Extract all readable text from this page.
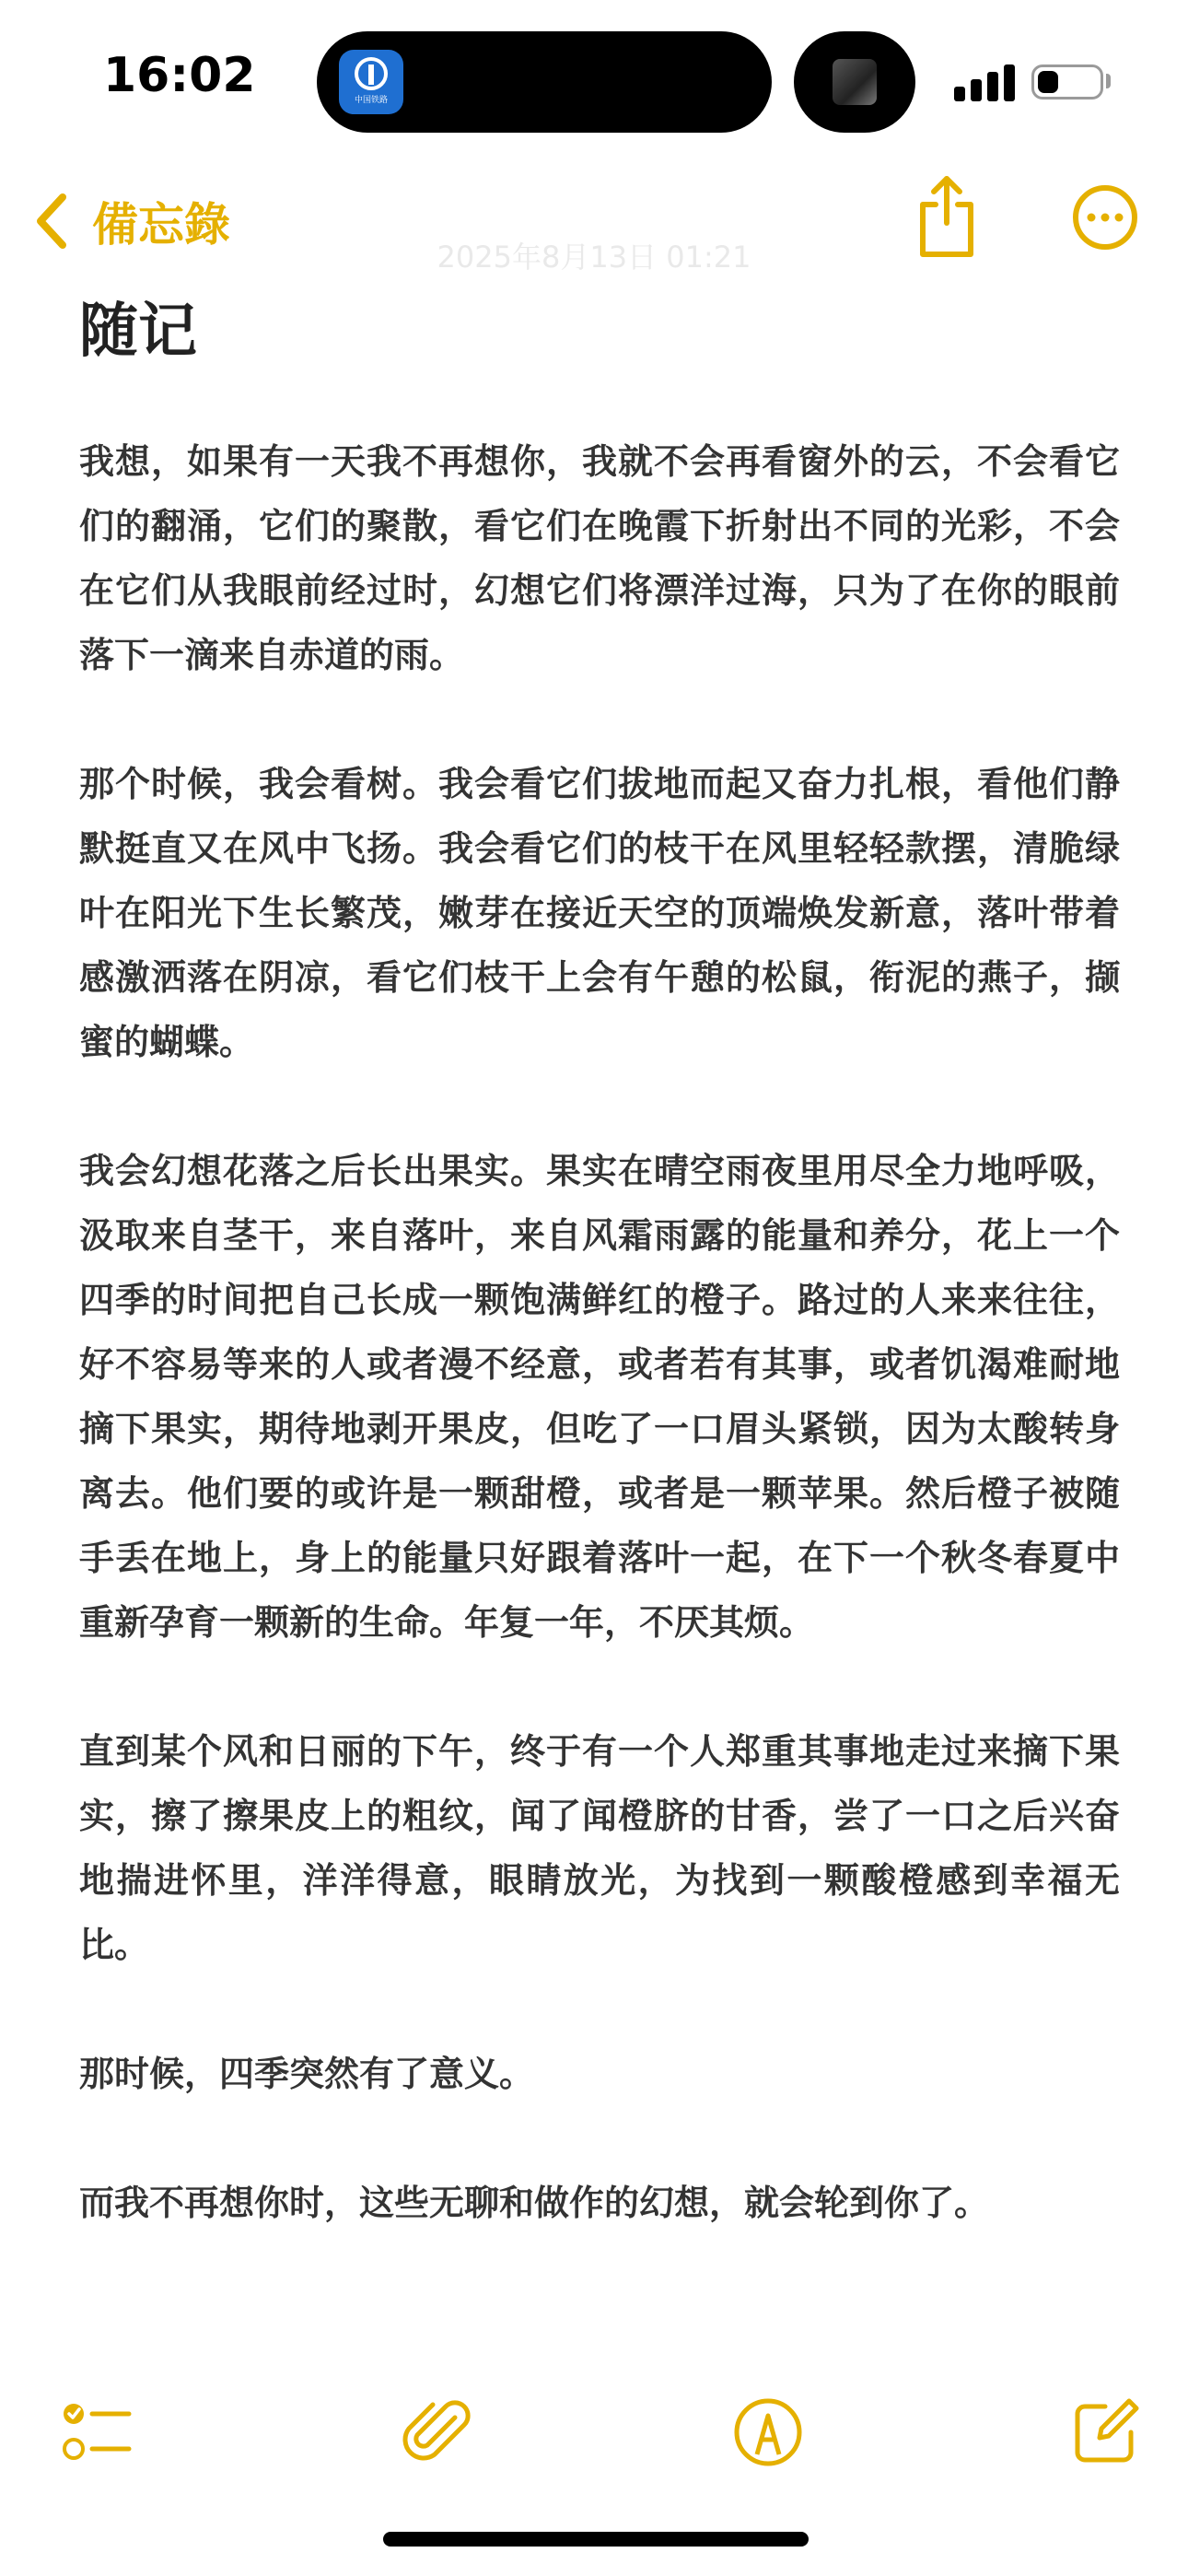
16:02	中国铁路
2025年8月13日 01:21
備忘錄
随记

我想，如果有一天我不再想你，我就不会再看窗外的云，不会看它们的翻涌，它们的聚散，看它们在晚霞下折射出不同的光彩，不会在它们从我眼前经过时，幻想它们将漂洋过海，只为了在你的眼前落下一滴来自赤道的雨。

那个时候，我会看树。我会看它们拔地而起又奋力扎根，看他们静默挺直又在风中飞扬。我会看它们的枝干在风里轻轻款摆，清脆绿叶在阳光下生长繁茂，嫩芽在接近天空的顶端焕发新意，落叶带着感激洒落在阴凉，看它们枝干上会有午憩的松鼠，衔泥的燕子，撷蜜的蝴蝶。

我会幻想花落之后长出果实。果实在晴空雨夜里用尽全力地呼吸，汲取来自茎干，来自落叶，来自风霜雨露的能量和养分，花上一个四季的时间把自己长成一颗饱满鲜红的橙子。路过的人来来往往，好不容易等来的人或者漫不经意，或者若有其事，或者饥渴难耐地摘下果实，期待地剥开果皮，但吃了一口眉头紧锁，因为太酸转身离去。他们要的或许是一颗甜橙，或者是一颗苹果。然后橙子被随手丢在地上，身上的能量只好跟着落叶一起，在下一个秋冬春夏中重新孕育一颗新的生命。年复一年，不厌其烦。

直到某个风和日丽的下午，终于有一个人郑重其事地走过来摘下果实，擦了擦果皮上的粗纹，闻了闻橙脐的甘香，尝了一口之后兴奋地揣进怀里，洋洋得意，眼睛放光，为找到一颗酸橙感到幸福无比。

那时候，四季突然有了意义。

而我不再想你时，这些无聊和做作的幻想，就会轮到你了。
